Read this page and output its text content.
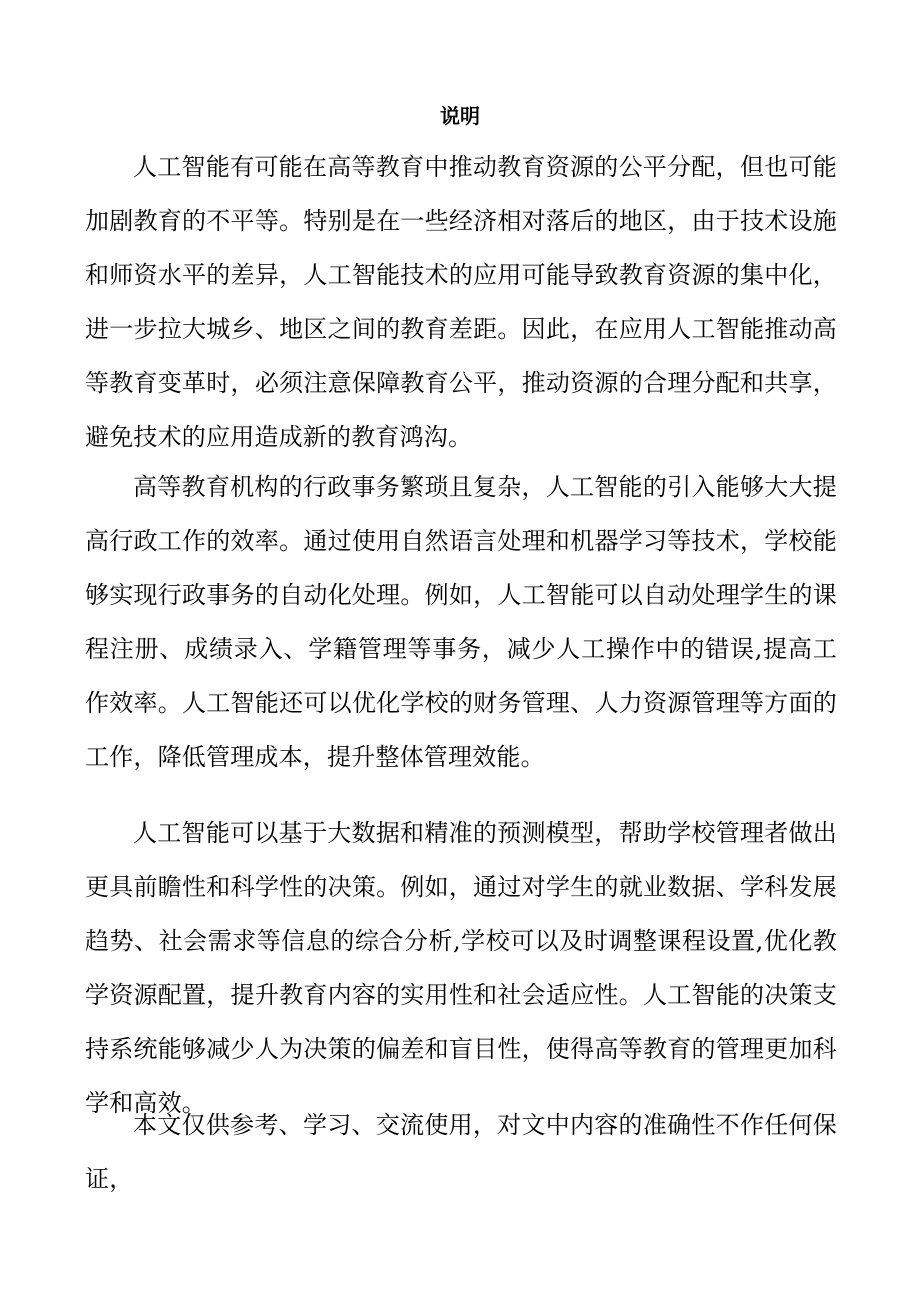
说明

人工智能有可能在高等教育中推动教育资源的公平分配，但也可能加剧教育的不平等。特别是在一些经济相对落后的地区，由于技术设施和师资水平的差异，人工智能技术的应用可能导致教育资源的集中化，进一步拉大城乡、地区之间的教育差距。因此，在应用人工智能推动高等教育变革时，必须注意保障教育公平，推动资源的合理分配和共享，避免技术的应用造成新的教育鸿沟。

高等教育机构的行政事务繁琐且复杂，人工智能的引入能够大大提高行政工作的效率。通过使用自然语言处理和机器学习等技术，学校能够实现行政事务的自动化处理。例如，人工智能可以自动处理学生的课程注册、成绩录入、学籍管理等事务，减少人工操作中的错误,提高工作效率。人工智能还可以优化学校的财务管理、人力资源管理等方面的工作，降低管理成本，提升整体管理效能。

人工智能可以基于大数据和精准的预测模型，帮助学校管理者做出更具前瞻性和科学性的决策。例如，通过对学生的就业数据、学科发展趋势、社会需求等信息的综合分析,学校可以及时调整课程设置,优化教学资源配置，提升教育内容的实用性和社会适应性。人工智能的决策支持系统能够减少人为决策的偏差和盲目性，使得高等教育的管理更加科学和高效。

本文仅供参考、学习、交流使用，对文中内容的准确性不作任何保证，
